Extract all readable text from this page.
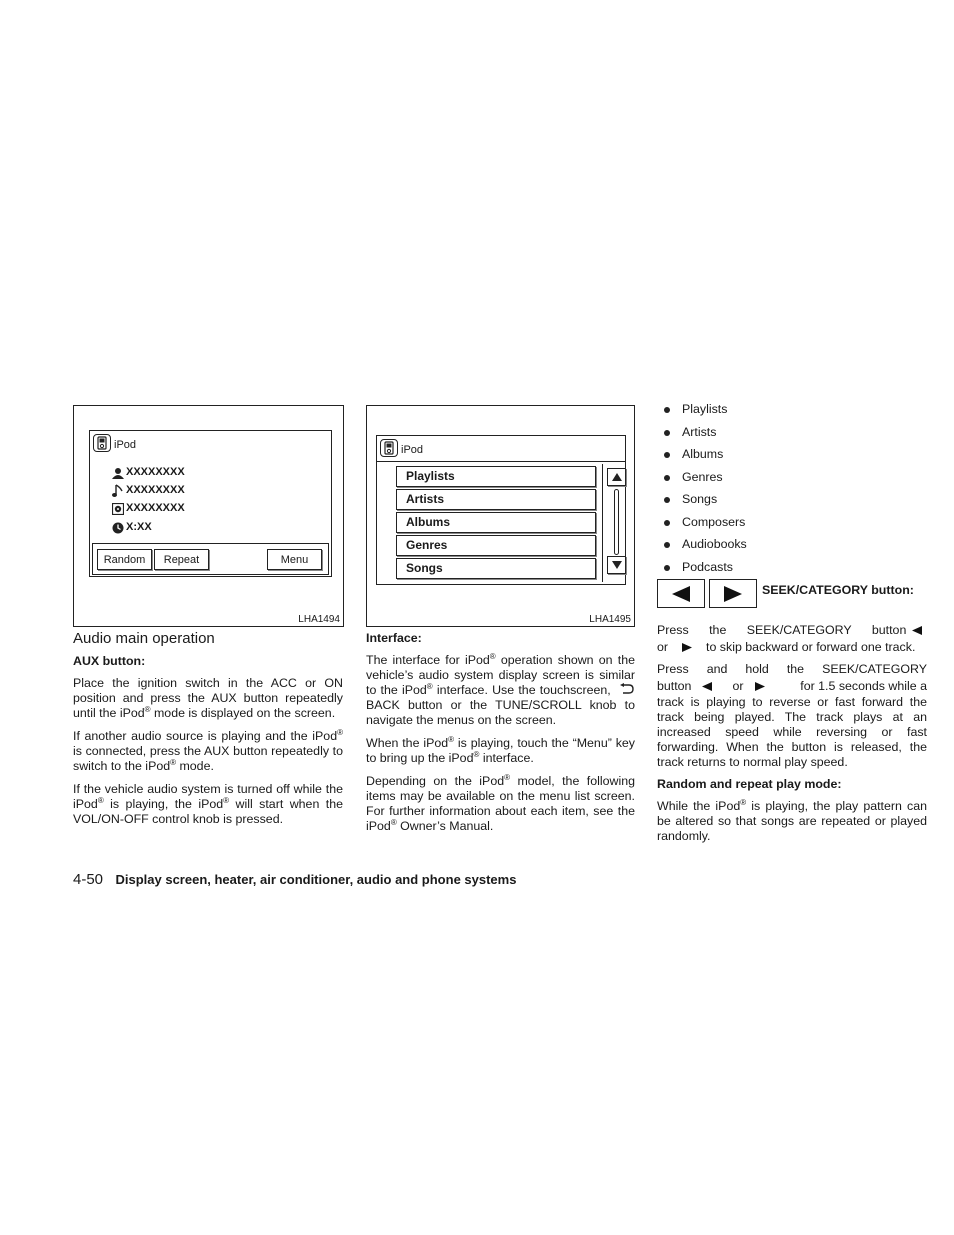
iPod
XXXXXXXX
XXXXXXXX
XXXXXXXX
X:XX
Random	Repeat	Menu
LHA1494
iPod
Playlists
Artists
Albums
Genres
Songs
LHA1495
Audio main operation
AUX button:

Place the ignition switch in the ACC or ON position and press the AUX button repeatedly until the iPod® mode is displayed on the screen.

If another audio source is playing and the iPod® is connected, press the AUX button repeatedly to switch to the iPod® mode.

If the vehicle audio system is turned off while the iPod® is playing, the iPod® will start when the VOL/ON-OFF control knob is pressed.

Interface:

The interface for iPod® operation shown on the vehicle’s audio system display screen is similar to the iPod® interface. Use the touchscreen,  BACK button or the TUNE/SCROLL knob to navigate the menus on the screen.

When the iPod® is playing, touch the “Menu” key to bring up the iPod® interface.

Depending on the iPod® model, the following items may be available on the menu list screen. For further information about each item, see the iPod® Owner’s Manual.

Playlists
Artists
Albums
Genres
Songs
Composers
Audiobooks
Podcasts
SEEK/CATEGORY button:
Press the SEEK/CATEGORY button
or	to skip backward or forward one track.
Press and hold the SEEK/CATEGORY
button	or	for 1.5 seconds while a

track is playing to reverse or fast forward the track being played. The track plays at an increased speed while reversing or fast forwarding. When the button is released, the track returns to normal play speed.

Random and repeat play mode:

While the iPod® is playing, the play pattern can be altered so that songs are repeated or played randomly.

4-50 Display screen, heater, air conditioner, audio and phone systems
